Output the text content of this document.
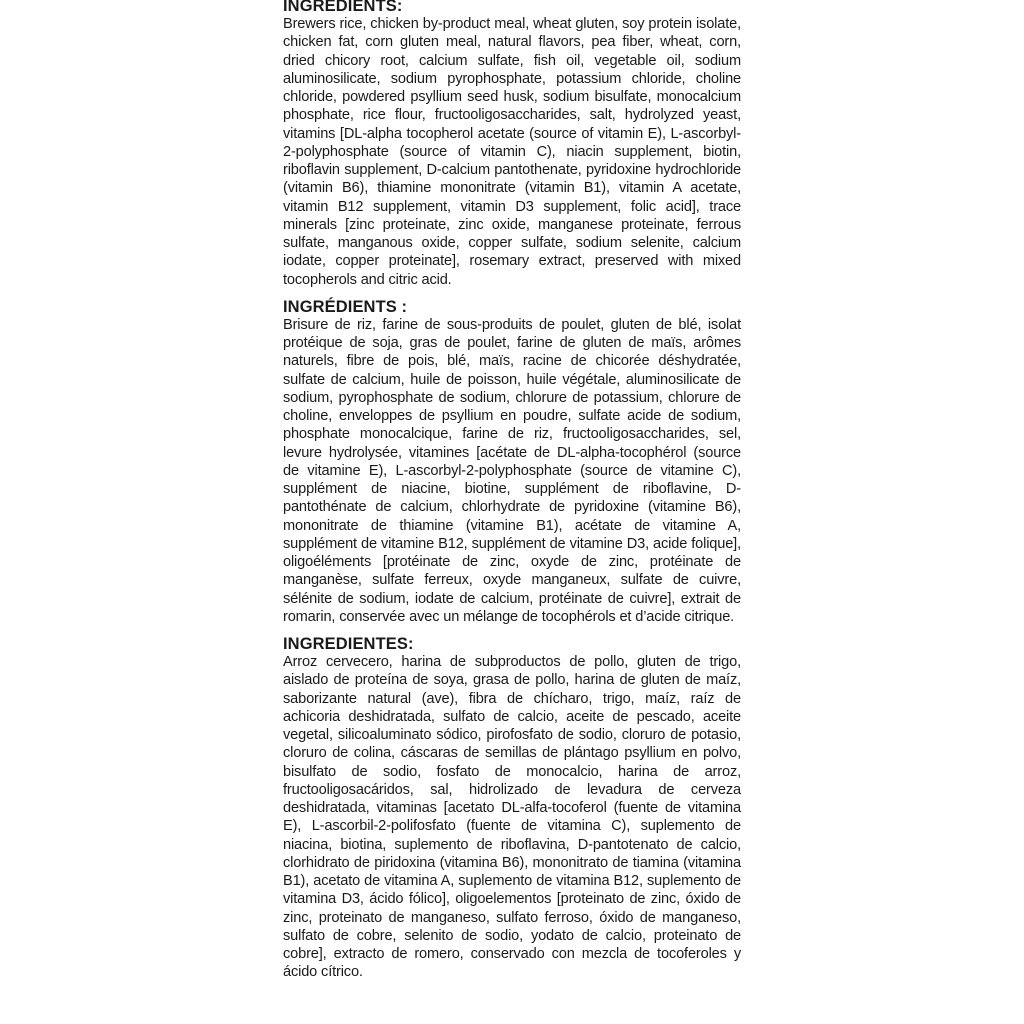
INGREDIENTS:

Brewers rice, chicken by-product meal, wheat gluten, soy protein isolate, chicken fat, corn gluten meal, natural flavors, pea fiber, wheat, corn, dried chicory root, calcium sulfate, fish oil, vegetable oil, sodium aluminosilicate, sodium pyrophosphate, potassium chloride, choline chloride, powdered psyllium seed husk, sodium bisulfate, monocalcium phosphate, rice flour, fructooligosaccharides, salt, hydrolyzed yeast, vitamins [DL-alpha tocopherol acetate (source of vitamin E), L-ascorbyl-2-polyphosphate (source of vitamin C), niacin supplement, biotin, riboflavin supplement, D-calcium pantothenate, pyridoxine hydrochloride (vitamin B6), thiamine mononitrate (vitamin B1), vitamin A acetate, vitamin B12 supplement, vitamin D3 supplement, folic acid], trace minerals [zinc proteinate, zinc oxide, manganese proteinate, ferrous sulfate, manganous oxide, copper sulfate, sodium selenite, calcium iodate, copper proteinate], rosemary extract, preserved with mixed tocopherols and citric acid.

INGRÉDIENTS :

Brisure de riz, farine de sous-produits de poulet, gluten de blé, isolat protéique de soja, gras de poulet, farine de gluten de maïs, arômes naturels, fibre de pois, blé, maïs, racine de chicorée déshydratée, sulfate de calcium, huile de poisson, huile végétale, aluminosilicate de sodium, pyrophosphate de sodium, chlorure de potassium, chlorure de choline, enveloppes de psyllium en poudre, sulfate acide de sodium, phosphate monocalcique, farine de riz, fructooligosaccharides, sel, levure hydrolysée, vitamines [acétate de DL-alpha-tocophérol (source de vitamine E), L-ascorbyl-2-polyphosphate (source de vitamine C), supplément de niacine, biotine, supplément de riboflavine, D-pantothénate de calcium, chlorhydrate de pyridoxine (vitamine B6), mononitrate de thiamine (vitamine B1), acétate de vitamine A, supplément de vitamine B12, supplément de vitamine D3, acide folique], oligoéléments [protéinate de zinc, oxyde de zinc, protéinate de manganèse, sulfate ferreux, oxyde manganeux, sulfate de cuivre, sélénite de sodium, iodate de calcium, protéinate de cuivre], extrait de romarin, conservée avec un mélange de tocophérols et d’acide citrique.

INGREDIENTES:

Arroz cervecero, harina de subproductos de pollo, gluten de trigo, aislado de proteína de soya, grasa de pollo, harina de gluten de maíz, saborizante natural (ave), fibra de chícharo, trigo, maíz, raíz de achicoria deshidratada, sulfato de calcio, aceite de pescado, aceite vegetal, silicoaluminato sódico, pirofosfato de sodio, cloruro de potasio, cloruro de colina, cáscaras de semillas de plántago psyllium en polvo, bisulfato de sodio, fosfato de monocalcio, harina de arroz, fructooligosacáridos, sal, hidrolizado de levadura de cerveza deshidratada, vitaminas [acetato DL-alfa-tocoferol (fuente de vitamina E), L-ascorbil-2-polifosfato (fuente de vitamina C), suplemento de niacina, biotina, suplemento de riboflavina, D-pantotenato de calcio, clorhidrato de piridoxina (vitamina B6), mononitrato de tiamina (vitamina B1), acetato de vitamina A, suplemento de vitamina B12, suplemento de vitamina D3, ácido fólico], oligoelementos [proteinato de zinc, óxido de zinc, proteinato de manganeso, sulfato ferroso, óxido de manganeso, sulfato de cobre, selenito de sodio, yodato de calcio, proteinato de cobre], extracto de romero, conservado con mezcla de tocoferoles y ácido cítrico.
